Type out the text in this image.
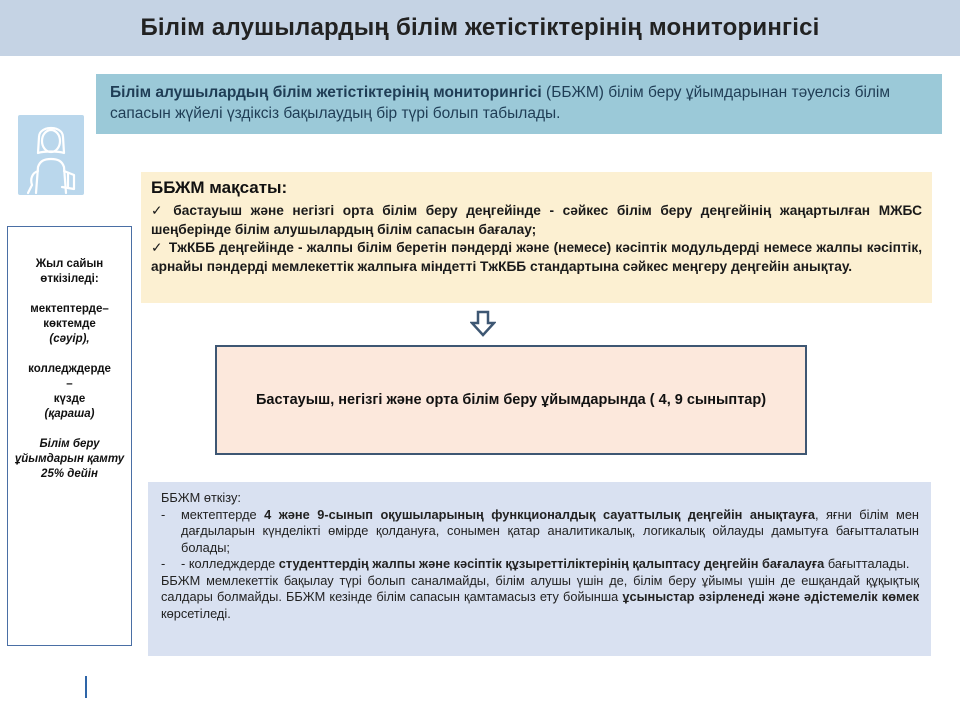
Білім алушылардың білім жетістіктерінің мониторингісі
Білім алушылардың білім жетістіктерінің мониторингісі (ББЖМ) білім беру ұйымдарынан тәуелсіз білім сапасын жүйелі үздіксіз бақылаудың бір түрі болып табылады.
Жыл сайын өткізіледі:
мектептерде–
көктемде
(сәуір),
колледждерде
–
күзде
(қараша)
Білім беру ұйымдарын қамту 25% дейін
ББЖМ мақсаты:
✓ бастауыш және негізгі орта білім беру деңгейінде - сәйкес білім беру деңгейінің жаңартылған МЖБС шеңберінде білім алушылардың білім сапасын бағалау;
✓ ТжКББ деңгейінде - жалпы білім беретін пәндерді және (немесе) кәсіптік модульдерді немесе жалпы кәсіптік, арнайы пәндерді мемлекеттік жалпыға міндетті ТжКББ стандартына сәйкес меңгеру деңгейін анықтау.
Бастауыш, негізгі және орта білім беру ұйымдарында ( 4, 9 сыныптар)
ББЖМ өткізу:
-	мектептерде 4 және 9-сынып оқушыларының функционалдық сауаттылық деңгейін анықтауға, яғни білім мен дағдыларын күнделікті өмірде қолдануға, сонымен қатар аналитикалық, логикалық ойлауды дамытуға бағытталатын болады;
-	- колледждерде студенттердің жалпы және кәсіптік құзыреттіліктерінің қалыптасу деңгейін бағалауға бағытталады.

ББЖМ мемлекеттік бақылау түрі болып саналмайды, білім алушы үшін де, білім беру ұйымы үшін де ешқандай құқықтық салдары болмайды. ББЖМ кезінде білім сапасын қамтамасыз ету бойынша ұсыныстар әзірленеді және әдістемелік көмек көрсетіледі.
